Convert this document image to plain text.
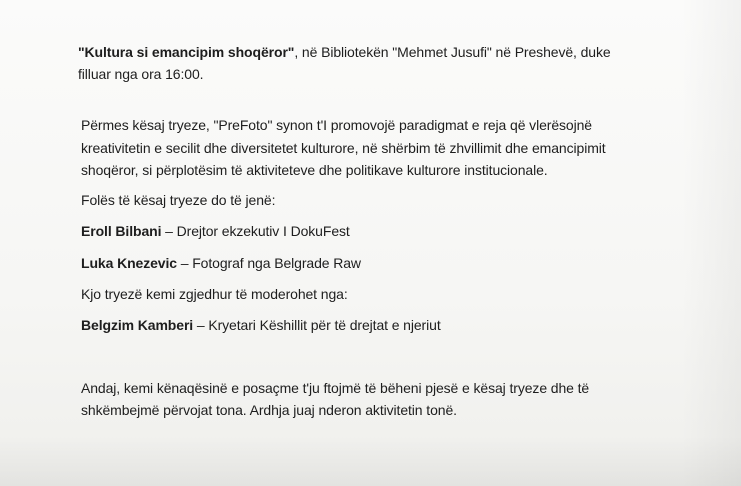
"Kultura si emancipim shoqëror", në Bibliotekën "Mehmet Jusufi" në Preshevë, duke
filluar nga ora 16:00.
Përmes kësaj tryeze, "PreFoto" synon t'I promovojë paradigmat e reja që vlerësojnë
kreativitetin e secilit dhe diversitetet kulturore, në shërbim të zhvillimit dhe emancipimit
shoqëror, si përplotësim të aktiviteteve dhe politikave kulturore institucionale.
Folës të kësaj tryeze do të jenë:
Eroll Bilbani – Drejtor ekzekutiv I DokuFest
Luka Knezevic – Fotograf nga Belgrade Raw
Kjo tryezë kemi zgjedhur të moderohet nga:
Belgzim Kamberi – Kryetari Këshillit për të drejtat e njeriut
Andaj, kemi kënaqësinë e posaçme t'ju ftojmë të bëheni pjesë e kësaj tryeze dhe të
shkëmbejmë përvojat tona. Ardhja juaj nderon aktivitetin tonë.
